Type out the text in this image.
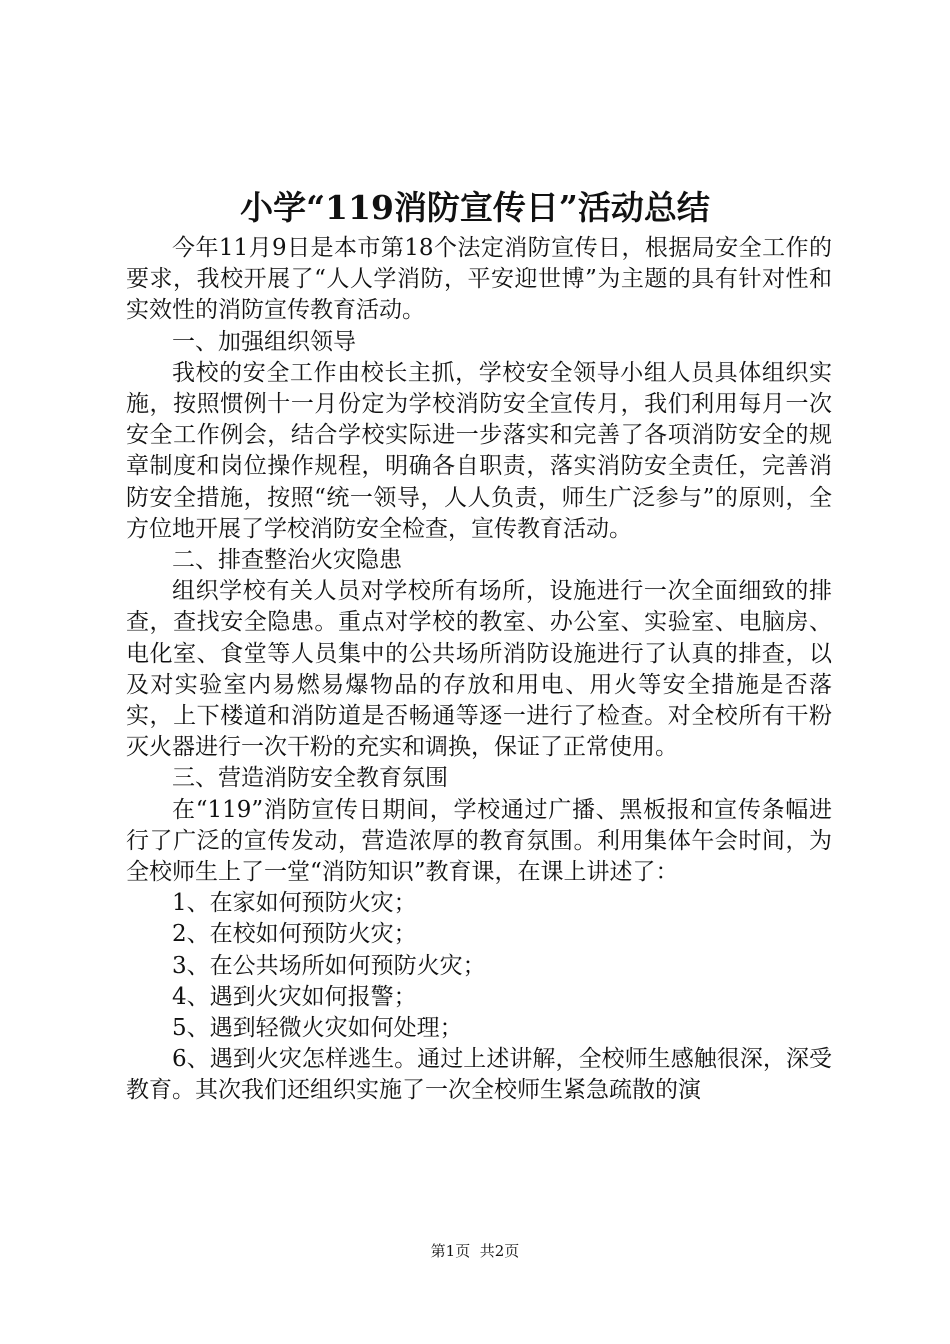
小学“119消防宣传日”活动总结

今年11月9日是本市第18个法定消防宣传日，根据局安全工作的要求，我校开展了“人人学消防，平安迎世博”为主题的具有针对性和实效性的消防宣传教育活动。

一、加强组织领导

我校的安全工作由校长主抓，学校安全领导小组人员具体组织实施，按照惯例十一月份定为学校消防安全宣传月，我们利用每月一次安全工作例会，结合学校实际进一步落实和完善了各项消防安全的规章制度和岗位操作规程，明确各自职责，落实消防安全责任，完善消防安全措施，按照“统一领导，人人负责，师生广泛参与”的原则，全方位地开展了学校消防安全检查，宣传教育活动。

二、排查整治火灾隐患

组织学校有关人员对学校所有场所，设施进行一次全面细致的排查，查找安全隐患。重点对学校的教室、办公室、实验室、电脑房、电化室、食堂等人员集中的公共场所消防设施进行了认真的排查，以及对实验室内易燃易爆物品的存放和用电、用火等安全措施是否落实，上下楼道和消防道是否畅通等逐一进行了检查。对全校所有干粉灭火器进行一次干粉的充实和调换，保证了正常使用。

三、营造消防安全教育氛围

在“119”消防宣传日期间，学校通过广播、黑板报和宣传条幅进行了广泛的宣传发动，营造浓厚的教育氛围。利用集体午会时间，为全校师生上了一堂“消防知识”教育课，在课上讲述了：

1、在家如何预防火灾；

2、在校如何预防火灾；

3、在公共场所如何预防火灾；

4、遇到火灾如何报警；

5、遇到轻微火灾如何处理；

6、遇到火灾怎样逃生。通过上述讲解，全校师生感触很深，深受教育。其次我们还组织实施了一次全校师生紧急疏散的演

第1页 共2页
